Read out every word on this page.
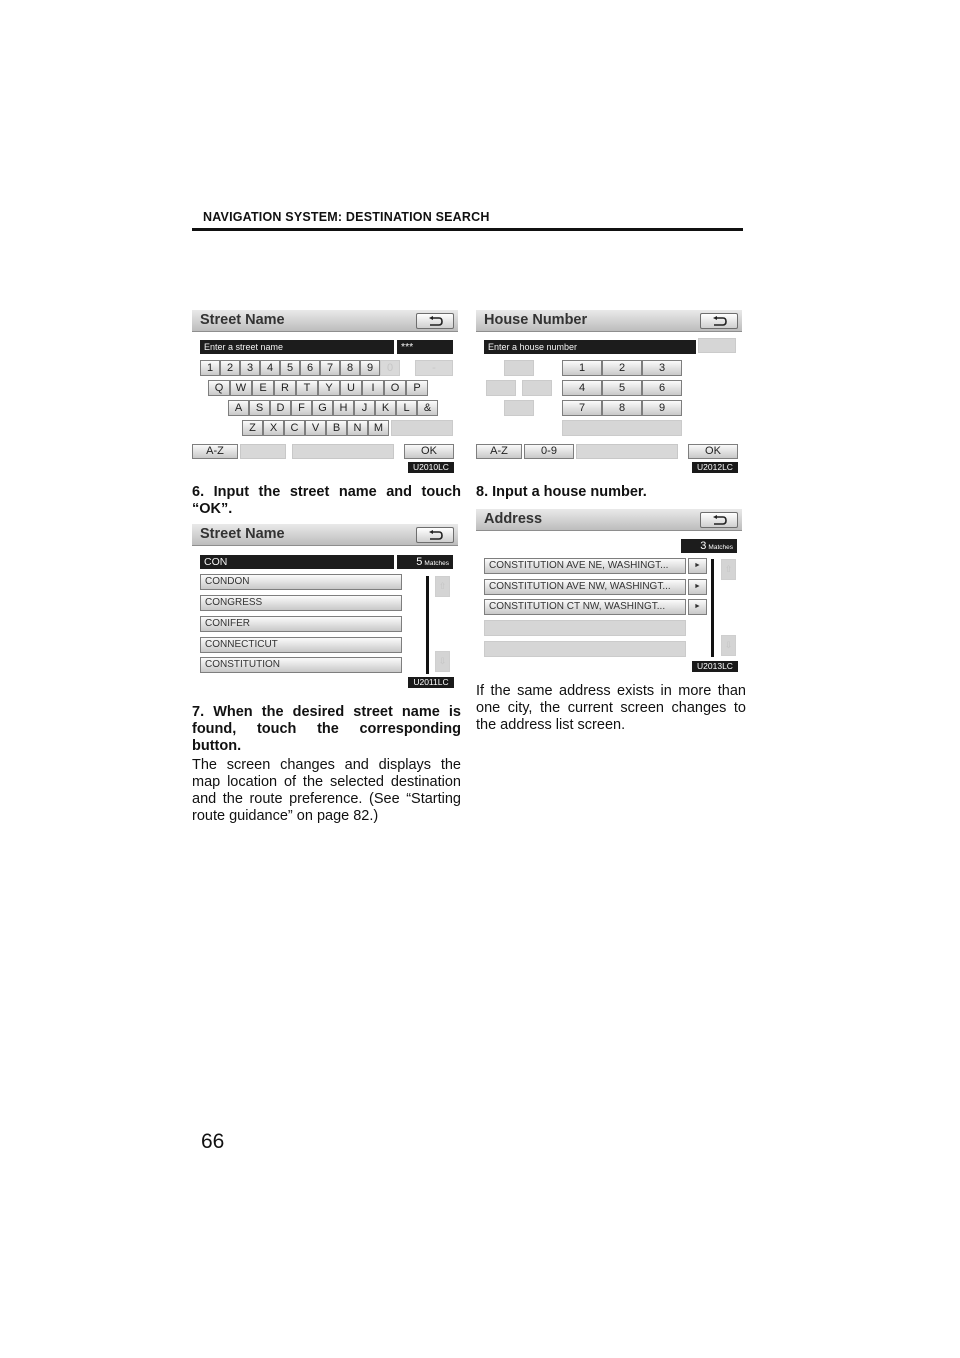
NAVIGATION SYSTEM: DESTINATION SEARCH
Street Name
Enter a street name	***
1	2	3	4	5	6	7	8	9	0	-
Q	W	E	R	T	Y	U	I	O	P
A	S	D	F	G	H	J	K	L	&
Z	X	C	V	B	N	M
A-Z	OK
U2010LC
6. Input the street name and touch “OK”.
Street Name
CON	5 Matches
CONDON
CONGRESS
CONIFER
CONNECTICUT
CONSTITUTION
⇧
⇩
U2011LC
7. When the desired street name is found, touch the corresponding button.
The screen changes and displays the map location of the selected destination and the route preference. (See “Starting route guidance” on page 82.)
House Number
Enter a house number
1	2	3
4	5	6
7	8	9
A-Z	0-9	OK
U2012LC
8. Input a house number.
Address
3 Matches
CONSTITUTION AVE NE, WASHINGT...	►
CONSTITUTION AVE NW, WASHINGT...	►
CONSTITUTION CT NW, WASHINGT...	►
⇧
⇩
U2013LC
If the same address exists in more than one city, the current screen changes to the address list screen.
66
